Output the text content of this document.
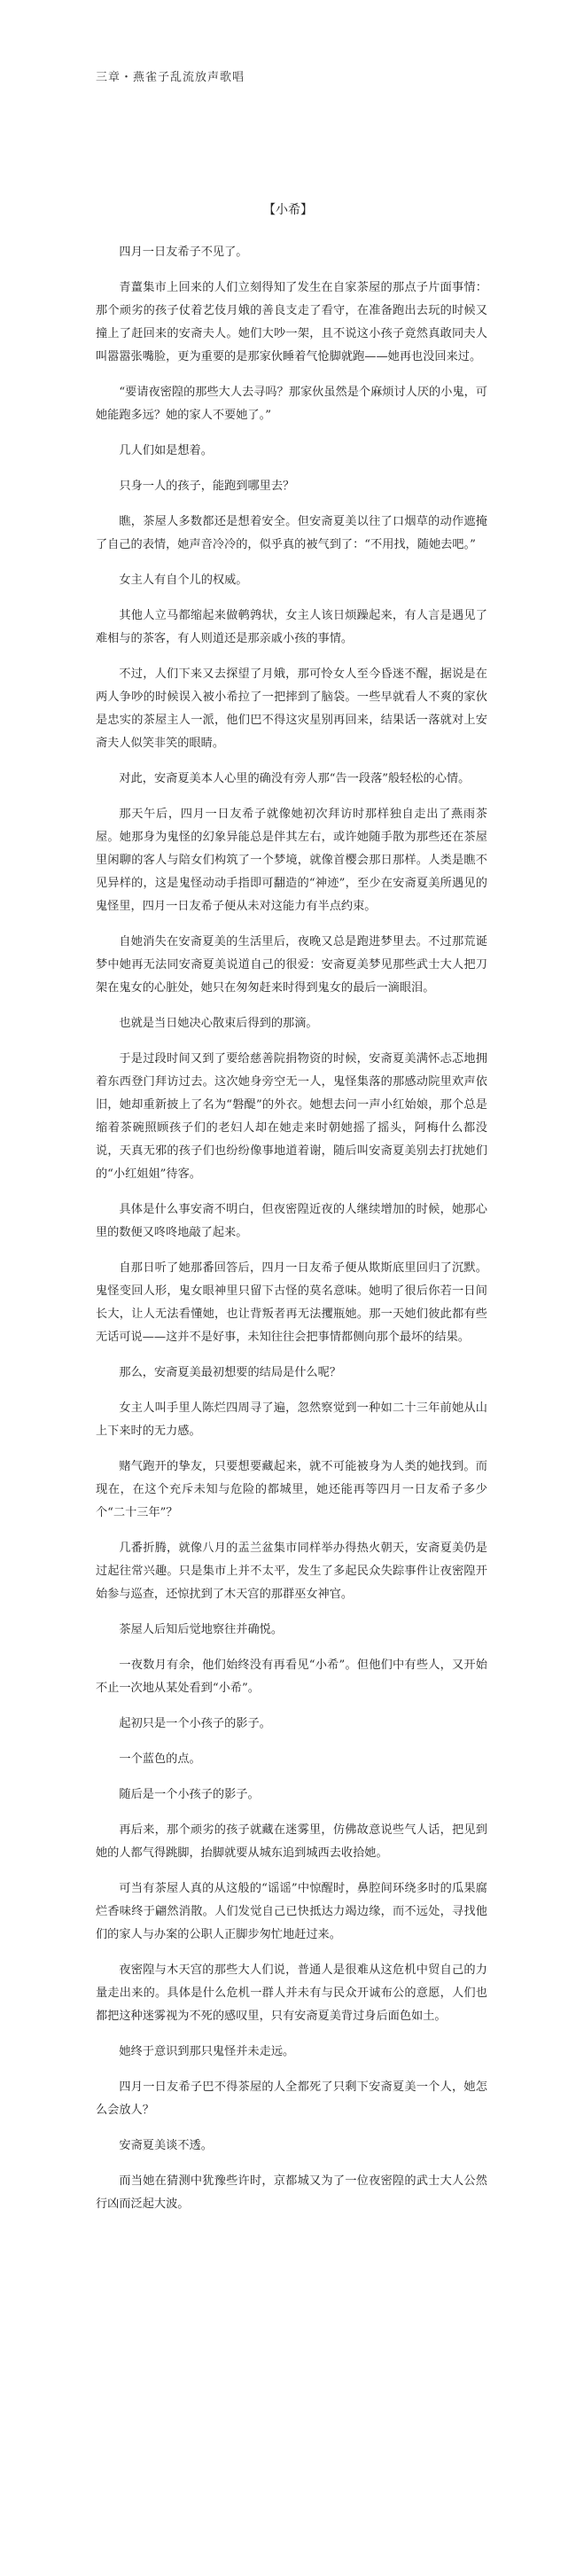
三章・燕雀子乱流放声歌唱
【小希】

四月一日友希子不见了。

青薑集市上回来的人们立刻得知了发生在自家茶屋的那点子片面事情：那个顽劣的孩子仗着艺伎月娥的善良支走了看守，在准备跑出去玩的时候又撞上了赶回来的安斋夫人。她们大吵一架，且不说这小孩子竟然真敢同夫人叫嚣嚣张嘴脸，更为重要的是那家伙睡着气怆脚就跑——她再也没回来过。

“要请夜密隍的那些大人去寻吗？那家伙虽然是个麻烦讨人厌的小鬼，可她能跑多远？她的家人不要她了。”

几人们如是想着。

只身一人的孩子，能跑到哪里去？

瞧，茶屋人多数都还是想着安全。但安斋夏美以往了口烟草的动作遮掩了自己的表情，她声音冷冷的，似乎真的被气到了：“不用找，随她去吧。”

女主人有自个儿的权威。

其他人立马都缩起来做鹌鹑状，女主人该日烦躁起来，有人言是遇见了难相与的茶客，有人则道还是那亲戚小孩的事情。

不过，人们下来又去探望了月娥，那可怜女人至今昏迷不醒，据说是在两人争吵的时候误入被小希拉了一把摔到了脑袋。一些早就看人不爽的家伙是忠实的茶屋主人一派，他们巴不得这灾星别再回来，结果话一落就对上安斋夫人似笑非笑的眼睛。

对此，安斋夏美本人心里的确没有旁人那“告一段落”般轻松的心情。

那天午后，四月一日友希子就像她初次拜访时那样独自走出了燕雨茶屋。她那身为鬼怪的幻象异能总是伴其左右，或许她随手散为那些还在茶屋里闲聊的客人与陪女们构筑了一个梦境，就像首樱会那日那样。人类是瞧不见异样的，这是鬼怪动动手指即可翻造的“神迹”，至少在安斋夏美所遇见的鬼怪里，四月一日友希子便从未对这能力有半点约束。

自她消失在安斋夏美的生活里后，夜晚又总是跑进梦里去。不过那荒诞梦中她再无法同安斋夏美说道自己的很爱：安斋夏美梦见那些武士大人把刀架在鬼女的心脏处，她只在匆匆赶来时得到鬼女的最后一滴眼泪。

也就是当日她决心散束后得到的那滴。

于是过段时间又到了要给慈善院捐物资的时候，安斋夏美满怀忐忑地拥着东西登门拜访过去。这次她身旁空无一人，鬼怪集落的那感动院里欢声依旧，她却重新披上了名为“磐醍”的外衣。她想去问一声小红始娘，那个总是缩着茶碗照顾孩子们的老妇人却在她走来时朝她摇了摇头，阿梅什么都没说，天真无邪的孩子们也纷纷像事地道着谢，随后叫安斋夏美别去打扰她们的“小红姐姐”待客。

具体是什么事安斋不明白，但夜密隍近夜的人继续增加的时候，她那心里的数便又咚咚地敲了起来。

自那日听了她那番回答后，四月一日友希子便从欺斯底里回归了沉默。鬼怪变回人形，鬼女眼神里只留下古怪的莫名意味。她明了很后你若一日间长大，让人无法看懂她，也让背叛者再无法攫瓶她。那一天她们彼此都有些无话可说——这并不是好事，未知往往会把事情都侧向那个最坏的结果。

那么，安斋夏美最初想要的结局是什么呢？

女主人叫手里人陈烂四周寻了遍，忽然察觉到一种如二十三年前她从山上下来时的无力感。

赌气跑开的挚友，只要想要藏起来，就不可能被身为人类的她找到。而现在，在这个充斥未知与危险的都城里，她还能再等四月一日友希子多少个“二十三年”？

几番折腾，就像八月的盂兰盆集市同样举办得热火朝天，安斋夏美仍是过起往常兴趣。只是集市上并不太平，发生了多起民众失踪事件让夜密隍开始参与巡查，还惊扰到了木天宫的那群巫女神官。

茶屋人后知后觉地察往并确悦。

一夜数月有余，他们始终没有再看见“小希”。但他们中有些人，又开始不止一次地从某处看到“小希”。

起初只是一个小孩子的影子。

一个蓝色的点。

随后是一个小孩子的影子。

再后来，那个顽劣的孩子就藏在迷雾里，仿佛故意说些气人话，把见到她的人都气得跳脚，抬脚就要从城东追到城西去收拾她。

可当有茶屋人真的从这般的“谣谣”中惊醒时，鼻腔间环绕多时的瓜果腐烂香味终于翩然消散。人们发觉自己已快抵达力竭边缘，而不远处，寻找他们的家人与办案的公职人正脚步匆忙地赶过来。

夜密隍与木天宫的那些大人们说，普通人是很难从这危机中贸自己的力量走出来的。具体是什么危机一群人并未有与民众开诚布公的意愿，人们也都把这种迷雾视为不死的感叹里，只有安斋夏美背过身后面色如土。

她终于意识到那只鬼怪并未走远。

四月一日友希子巴不得茶屋的人全都死了只剩下安斋夏美一个人，她怎么会放人？

安斋夏美谈不透。

而当她在猜测中犹豫些许时，京都城又为了一位夜密隍的武士大人公然行凶而泛起大波。
